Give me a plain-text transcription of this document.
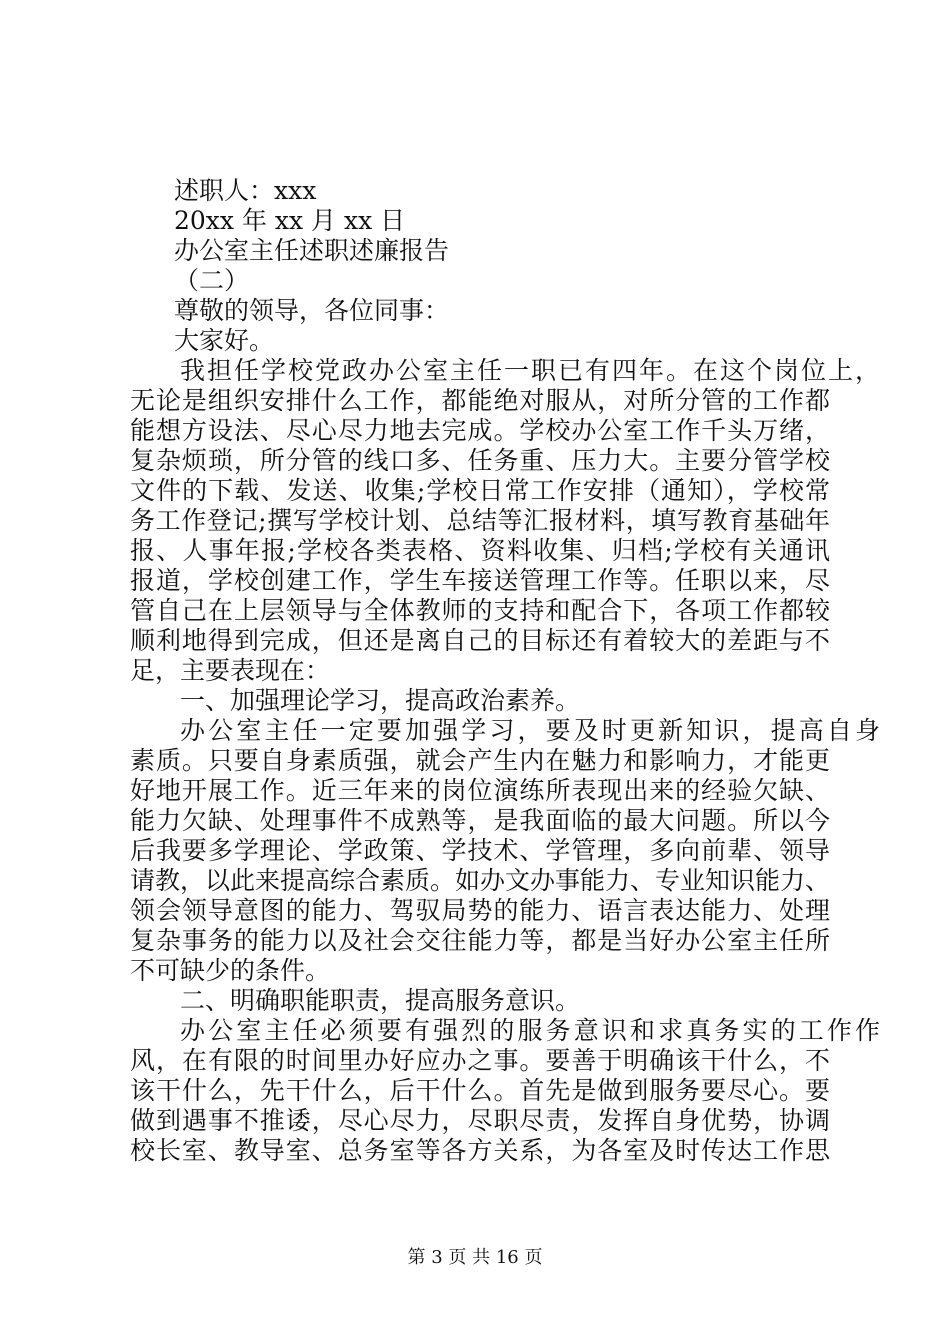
述职人：xxx
20xx 年 xx 月 xx 日
办公室主任述职述廉报告
（二）
尊敬的领导，各位同事：
大家好。
我担任学校党政办公室主任一职已有四年。在这个岗位上，
无论是组织安排什么工作，都能绝对服从，对所分管的工作都
能想方设法、尽心尽力地去完成。学校办公室工作千头万绪，
复杂烦琐，所分管的线口多、任务重、压力大。主要分管学校
文件的下载、发送、收集;学校日常工作安排（通知），学校常
务工作登记;撰写学校计划、总结等汇报材料，填写教育基础年
报、人事年报;学校各类表格、资料收集、归档;学校有关通讯
报道，学校创建工作，学生车接送管理工作等。任职以来，尽
管自己在上层领导与全体教师的支持和配合下，各项工作都较
顺利地得到完成，但还是离自己的目标还有着较大的差距与不
足，主要表现在：
一、加强理论学习，提高政治素养。
办公室主任一定要加强学习，要及时更新知识，提高自身
素质。只要自身素质强，就会产生内在魅力和影响力，才能更
好地开展工作。近三年来的岗位演练所表现出来的经验欠缺、
能力欠缺、处理事件不成熟等，是我面临的最大问题。所以今
后我要多学理论、学政策、学技术、学管理，多向前辈、领导
请教，以此来提高综合素质。如办文办事能力、专业知识能力、
领会领导意图的能力、驾驭局势的能力、语言表达能力、处理
复杂事务的能力以及社会交往能力等，都是当好办公室主任所
不可缺少的条件。
二、明确职能职责，提高服务意识。
办公室主任必须要有强烈的服务意识和求真务实的工作作
风，在有限的时间里办好应办之事。要善于明确该干什么，不
该干什么，先干什么，后干什么。首先是做到服务要尽心。要
做到遇事不推诿，尽心尽力，尽职尽责，发挥自身优势，协调
校长室、教导室、总务室等各方关系，为各室及时传达工作思
第 3 页 共 16 页
